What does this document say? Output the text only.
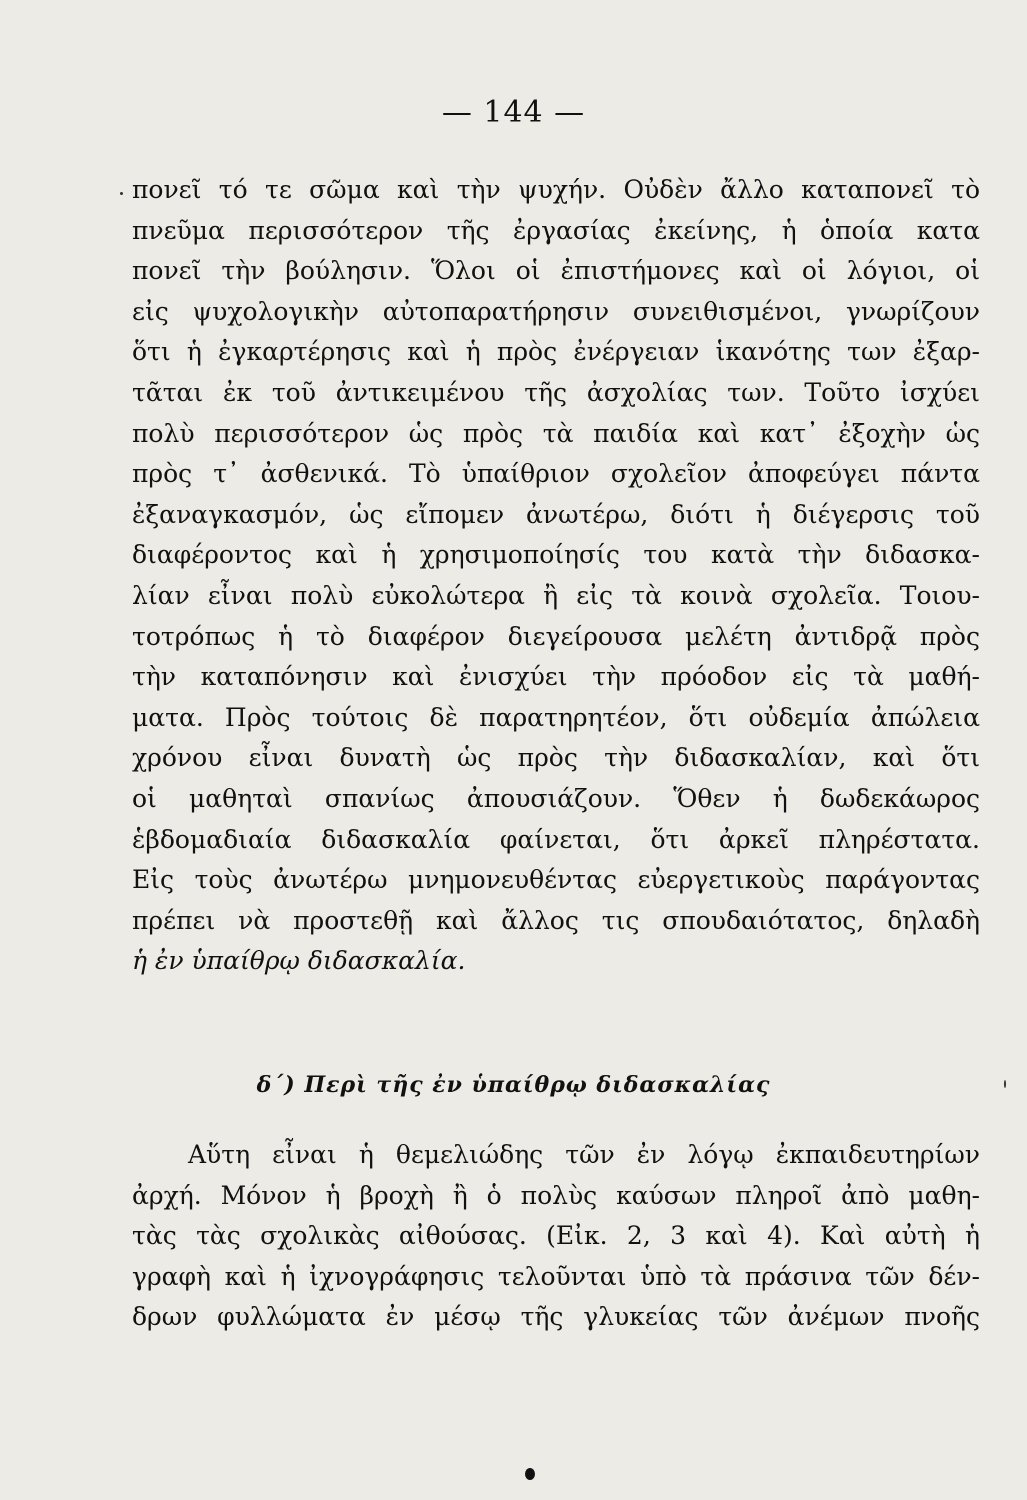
— 144 —
πονεῖ τό τε σῶμα καὶ τὴν ψυχήν. Οὐδὲν ἄλλο καταπονεῖ τὸ
πνεῦμα περισσότερον τῆς ἐργασίας ἐκείνης, ἡ ὁποία κατα
πονεῖ τὴν βούλησιν. Ὅλοι οἱ ἐπιστήμονες καὶ οἱ λόγιοι, οἱ
εἰς ψυχολογικὴν αὐτοπαρατήρησιν συνειθισμένοι, γνωρίζουν
ὅτι ἡ ἐγκαρτέρησις καὶ ἡ πρὸς ἐνέργειαν ἱκανότης των ἐξαρ-
τᾶται ἐκ τοῦ ἀντικειμένου τῆς ἀσχολίας των. Τοῦτο ἰσχύει
πολὺ περισσότερον ὡς πρὸς τὰ παιδία καὶ κατ᾽ ἐξοχὴν ὡς
πρὸς τ᾽ ἀσθενικά. Τὸ ὑπαίθριον σχολεῖον ἀποφεύγει πάντα
ἐξαναγκασμόν, ὡς εἴπομεν ἀνωτέρω, διότι ἡ διέγερσις τοῦ
διαφέροντος καὶ ἡ χρησιμοποίησίς του κατὰ τὴν διδασκα-
λίαν εἶναι πολὺ εὐκολώτερα ἢ εἰς τὰ κοινὰ σχολεῖα. Τοιου-
τοτρόπως ἡ τὸ διαφέρον διεγείρουσα μελέτη ἀντιδρᾷ πρὸς
τὴν καταπόνησιν καὶ ἐνισχύει τὴν πρόοδον εἰς τὰ μαθή-
ματα. Πρὸς τούτοις δὲ παρατηρητέον, ὅτι οὐδεμία ἀπώλεια
χρόνου εἶναι δυνατὴ ὡς πρὸς τὴν διδασκαλίαν, καὶ ὅτι
οἱ μαθηταὶ σπανίως ἀπουσιάζουν. Ὅθεν ἡ δωδεκάωρος
ἑβδομαδιαία διδασκαλία φαίνεται, ὅτι ἀρκεῖ πληρέστατα.
Εἰς τοὺς ἀνωτέρω μνημονευθέντας εὐεργετικοὺς παράγοντας
πρέπει νὰ προστεθῇ καὶ ἄλλος τις σπουδαιότατος, δηλαδὴ
ἡ ἐν ὑπαίθρῳ διδασκαλία.
δ´) Περὶ τῆς ἐν ὑπαίθρῳ διδασκαλίας
Αὕτη εἶναι ἡ θεμελιώδης τῶν ἐν λόγῳ ἐκπαιδευτηρίων
ἀρχή. Μόνον ἡ βροχὴ ἢ ὁ πολὺς καύσων πληροῖ ἀπὸ μαθη-
τὰς τὰς σχολικὰς αἰθούσας. (Εἰκ. 2, 3 καὶ 4). Καὶ αὐτὴ ἡ
γραφὴ καὶ ἡ ἰχνογράφησις τελοῦνται ὑπὸ τὰ πράσινα τῶν δέν-
δρων φυλλώματα ἐν μέσῳ τῆς γλυκείας τῶν ἀνέμων πνοῆς
